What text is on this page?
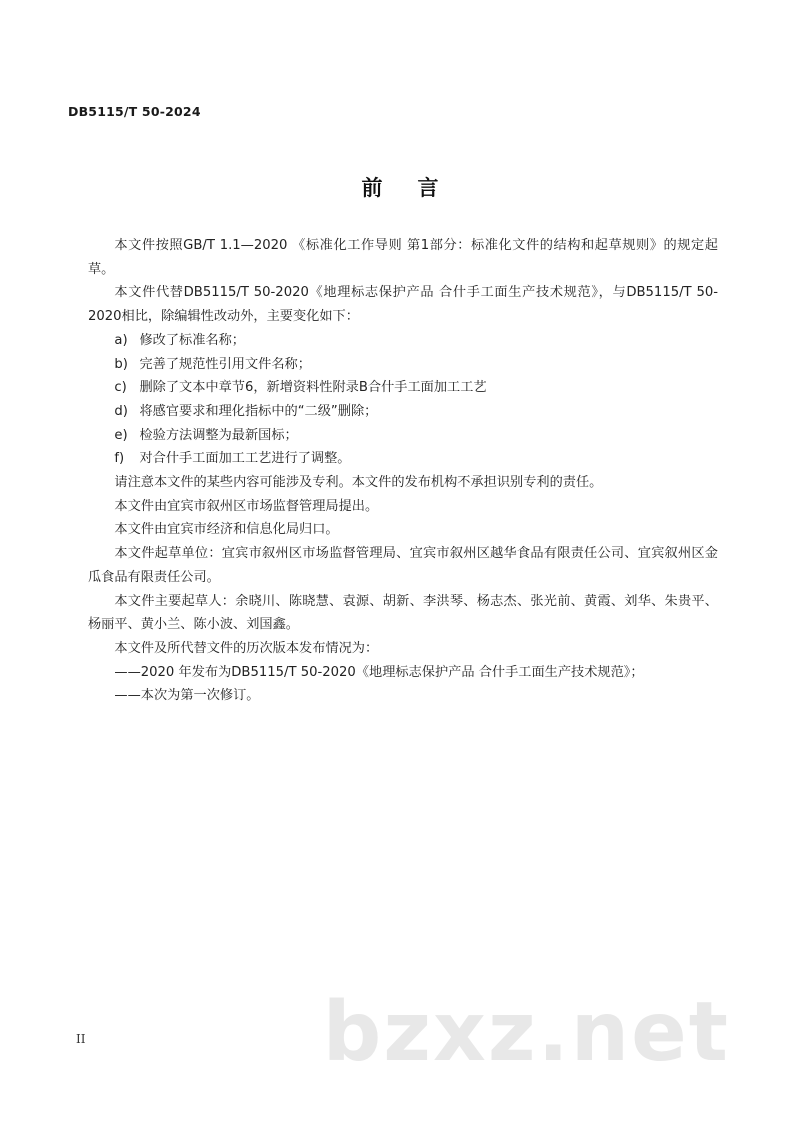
DB5115/T 50-2024
前言

本文件按照GB/T 1.1—2020 《标准化工作导则 第1部分：标准化文件的结构和起草规则》的规定起草。

本文件代替DB5115/T 50-2020《地理标志保护产品 合什手工面生产技术规范》，与DB5115/T 50-2020相比，除编辑性改动外，主要变化如下：

a) 修改了标准名称；

b) 完善了规范性引用文件名称；

c) 删除了文本中章节6，新增资料性附录B合什手工面加工工艺

d) 将感官要求和理化指标中的“二级”删除；

e) 检验方法调整为最新国标；

f) 对合什手工面加工工艺进行了调整。

请注意本文件的某些内容可能涉及专利。本文件的发布机构不承担识别专利的责任。

本文件由宜宾市叙州区市场监督管理局提出。

本文件由宜宾市经济和信息化局归口。

本文件起草单位：宜宾市叙州区市场监督管理局、宜宾市叙州区越华食品有限责任公司、宜宾叙州区金瓜食品有限责任公司。

本文件主要起草人：余晓川、陈晓慧、袁源、胡新、李洪琴、杨志杰、张光前、黄霞、刘华、朱贵平、杨丽平、黄小兰、陈小波、刘国鑫。

本文件及所代替文件的历次版本发布情况为：

——2020 年发布为DB5115/T 50-2020《地理标志保护产品 合什手工面生产技术规范》；

——本次为第一次修订。

II	bzxz.net
